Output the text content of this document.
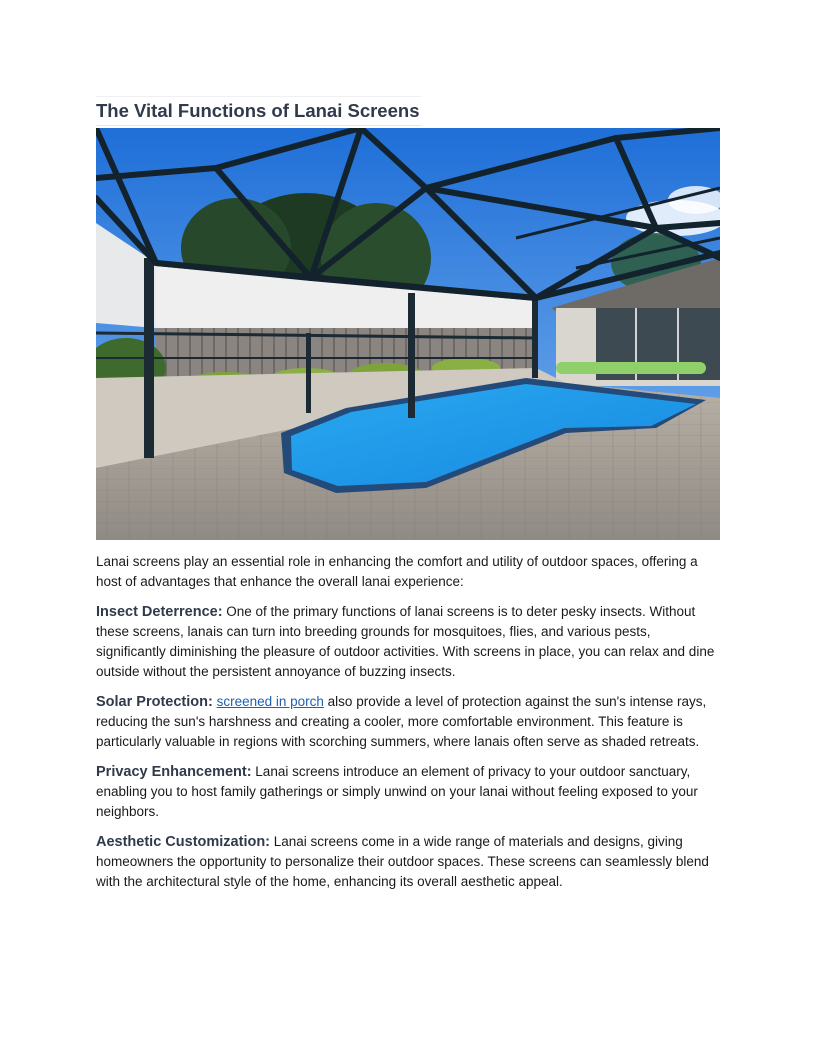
The Vital Functions of Lanai Screens

Lanai screens play an essential role in enhancing the comfort and utility of outdoor spaces, offering a host of advantages that enhance the overall lanai experience:

Insect Deterrence: One of the primary functions of lanai screens is to deter pesky insects. Without these screens, lanais can turn into breeding grounds for mosquitoes, flies, and various pests, significantly diminishing the pleasure of outdoor activities. With screens in place, you can relax and dine outside without the persistent annoyance of buzzing insects.

Solar Protection: screened in porch also provide a level of protection against the sun's intense rays, reducing the sun's harshness and creating a cooler, more comfortable environment. This feature is particularly valuable in regions with scorching summers, where lanais often serve as shaded retreats.

Privacy Enhancement: Lanai screens introduce an element of privacy to your outdoor sanctuary, enabling you to host family gatherings or simply unwind on your lanai without feeling exposed to your neighbors.

Aesthetic Customization: Lanai screens come in a wide range of materials and designs, giving homeowners the opportunity to personalize their outdoor spaces. These screens can seamlessly blend with the architectural style of the home, enhancing its overall aesthetic appeal.
